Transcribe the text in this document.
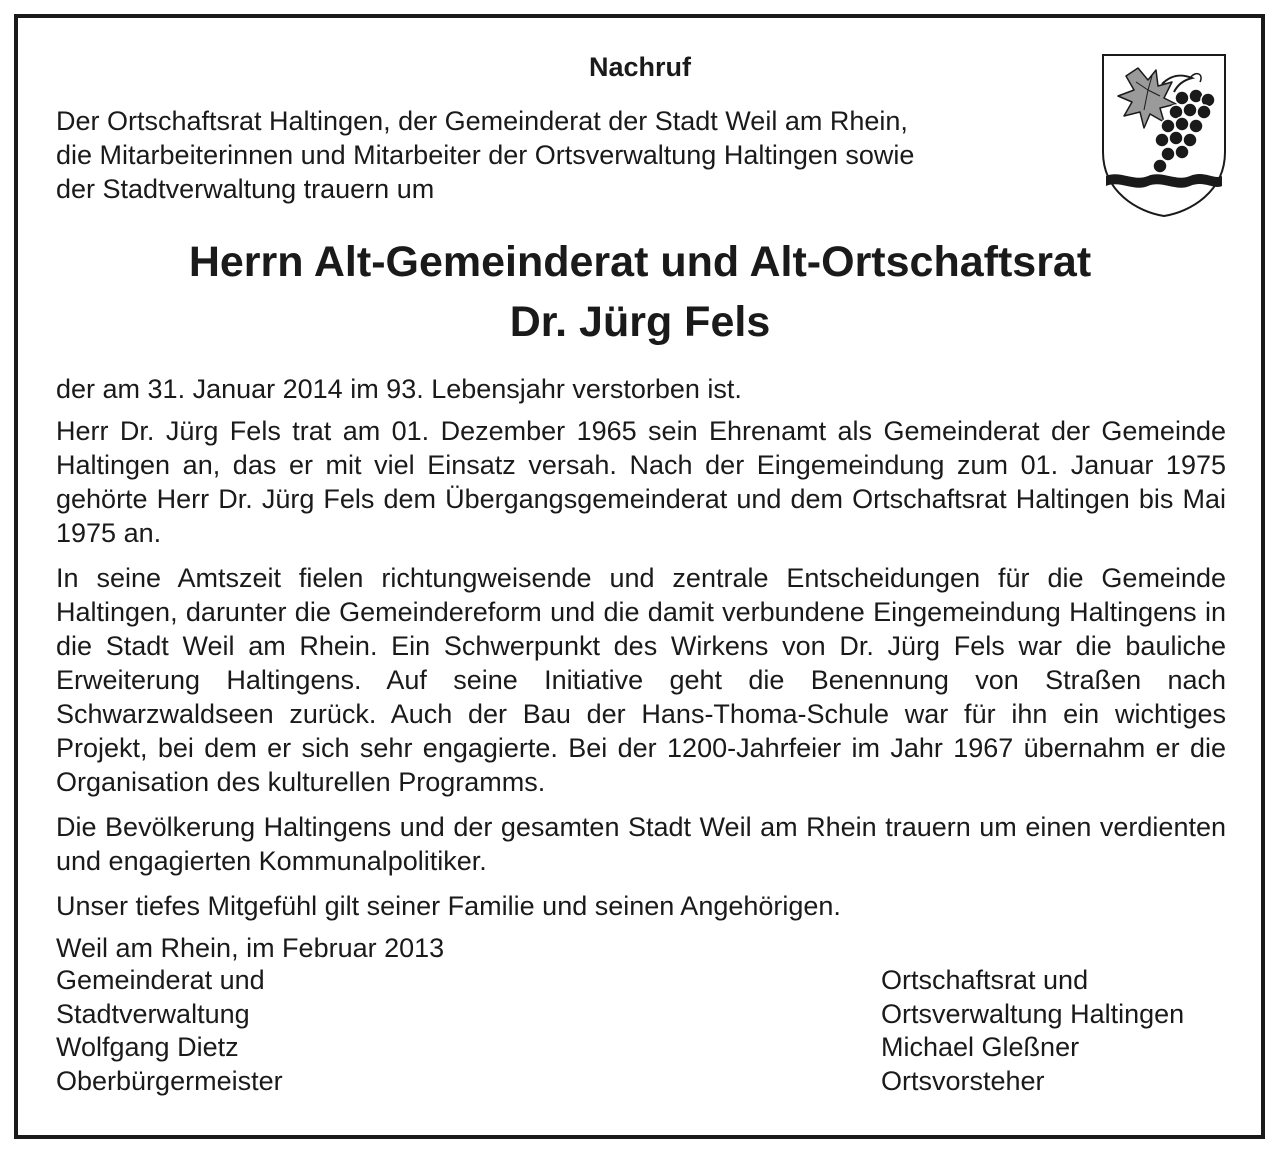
Nachruf
Der Ortschaftsrat Haltingen, der Gemeinderat der Stadt Weil am Rhein,
die Mitarbeiterinnen und Mitarbeiter der Ortsverwaltung Haltingen sowie
der Stadtverwaltung trauern um
Herrn Alt-Gemeinderat und Alt-Ortschaftsrat
Dr. Jürg Fels

der am 31. Januar 2014 im 93. Lebensjahr verstorben ist.

Herr Dr. Jürg Fels trat am 01. Dezember 1965 sein Ehrenamt als Gemeinderat der Gemeinde Haltingen an, das er mit viel Einsatz versah. Nach der Eingemeindung zum 01. Januar 1975 gehörte Herr Dr. Jürg Fels dem Übergangsgemeinderat und dem Ortschaftsrat Haltingen bis Mai 1975 an.

In seine Amtszeit fielen richtungweisende und zentrale Entscheidungen für die Gemeinde Haltingen, darunter die Gemeindereform und die damit verbundene Eingemeindung Haltingens in die Stadt Weil am Rhein. Ein Schwerpunkt des Wirkens von Dr. Jürg Fels war die bauliche Erweiterung Haltingens. Auf seine Initiative geht die Benennung von Straßen nach Schwarzwaldseen zurück. Auch der Bau der Hans-Thoma-Schule war für ihn ein wichtiges Projekt, bei dem er sich sehr engagierte. Bei der 1200-Jahrfeier im Jahr 1967 übernahm er die Organisation des kulturellen Programms.

Die Bevölkerung Haltingens und der gesamten Stadt Weil am Rhein trauern um einen verdienten und engagierten Kommunalpolitiker.

Unser tiefes Mitgefühl gilt seiner Familie und seinen Angehörigen.

Weil am Rhein, im Februar 2013

Gemeinderat und
Stadtverwaltung
Wolfgang Dietz
Oberbürgermeister
Ortschaftsrat und
Ortsverwaltung Haltingen
Michael Gleßner
Ortsvorsteher
